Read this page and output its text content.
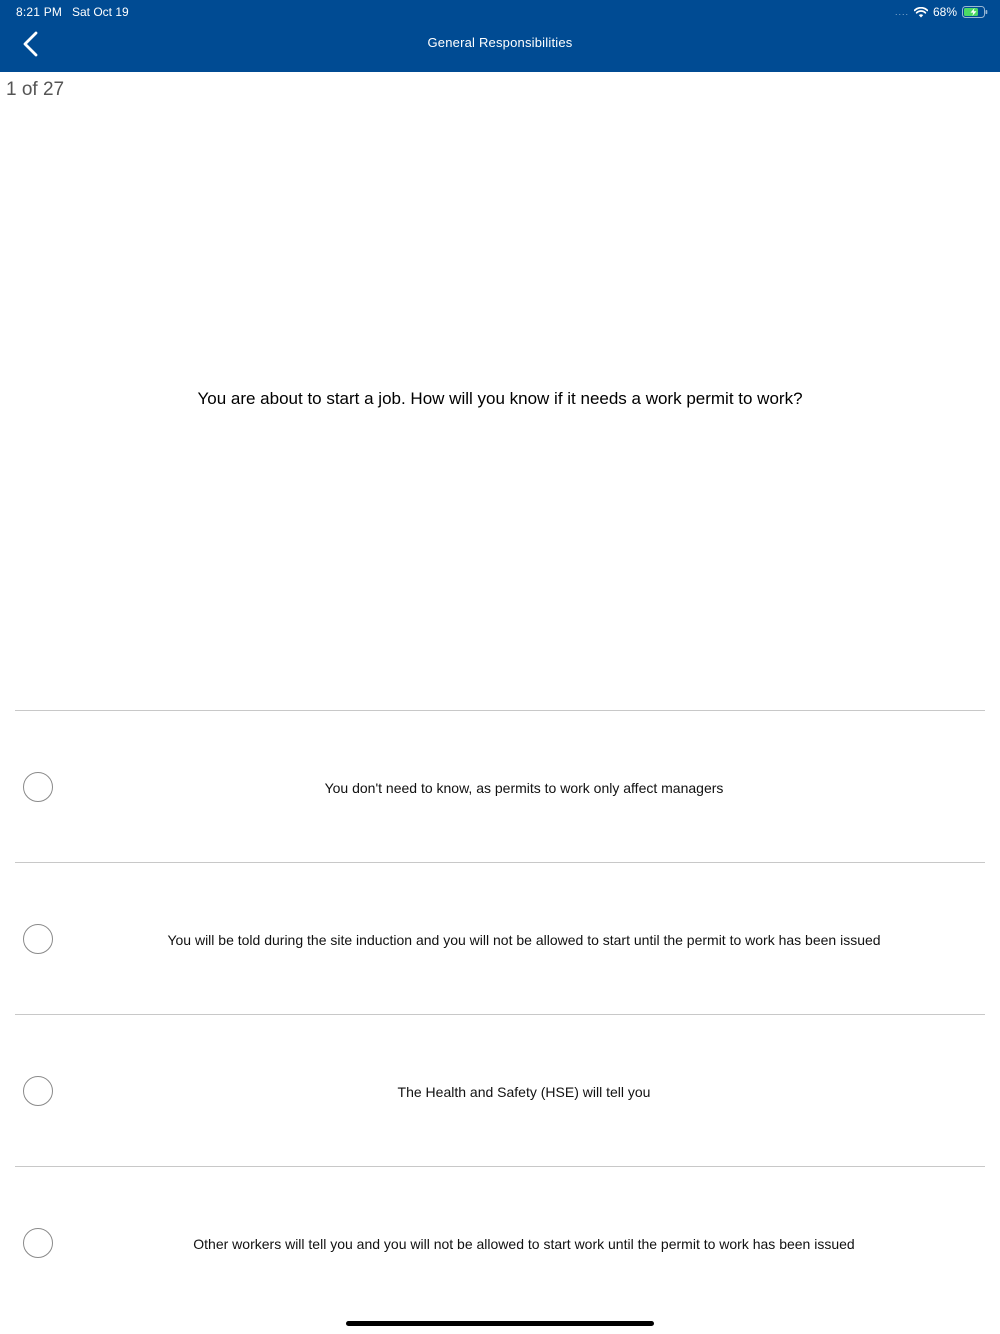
8:21 PM Sat Oct 19	.... 68%
General Responsibilities
1 of 27
You are about to start a job. How will you know if it needs a work permit to work?
You don't need to know, as permits to work only affect managers
You will be told during the site induction and you will not be allowed to start until the permit to work has been issued
The Health and Safety (HSE) will tell you
Other workers will tell you and you will not be allowed to start work until the permit to work has been issued
